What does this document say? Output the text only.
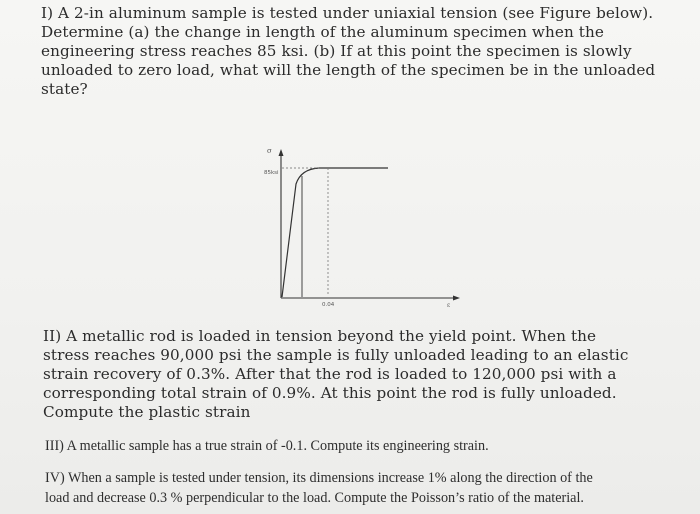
I) A 2-in aluminum sample is tested under uniaxial tension (see Figure below).
Determine (a) the change in length of the aluminum specimen when the
engineering stress reaches 85 ksi. (b) If at this point the specimen is slowly
unloaded to zero load, what will the length of the specimen be in the unloaded
state?
σ
85ksi
0.04	ε
II) A metallic rod is loaded in tension beyond the yield point. When the
stress reaches 90,000 psi the sample is fully unloaded leading to an elastic
strain recovery of 0.3%. After that the rod is loaded to 120,000 psi with a
corresponding total strain of 0.9%. At this point the rod is fully unloaded.
Compute the plastic strain
III) A metallic sample has a true strain of -0.1. Compute its engineering strain.
IV) When a sample is tested under tension, its dimensions increase 1% along the direction of the
load and decrease 0.3 % perpendicular to the load. Compute the Poisson’s ratio of the material.
